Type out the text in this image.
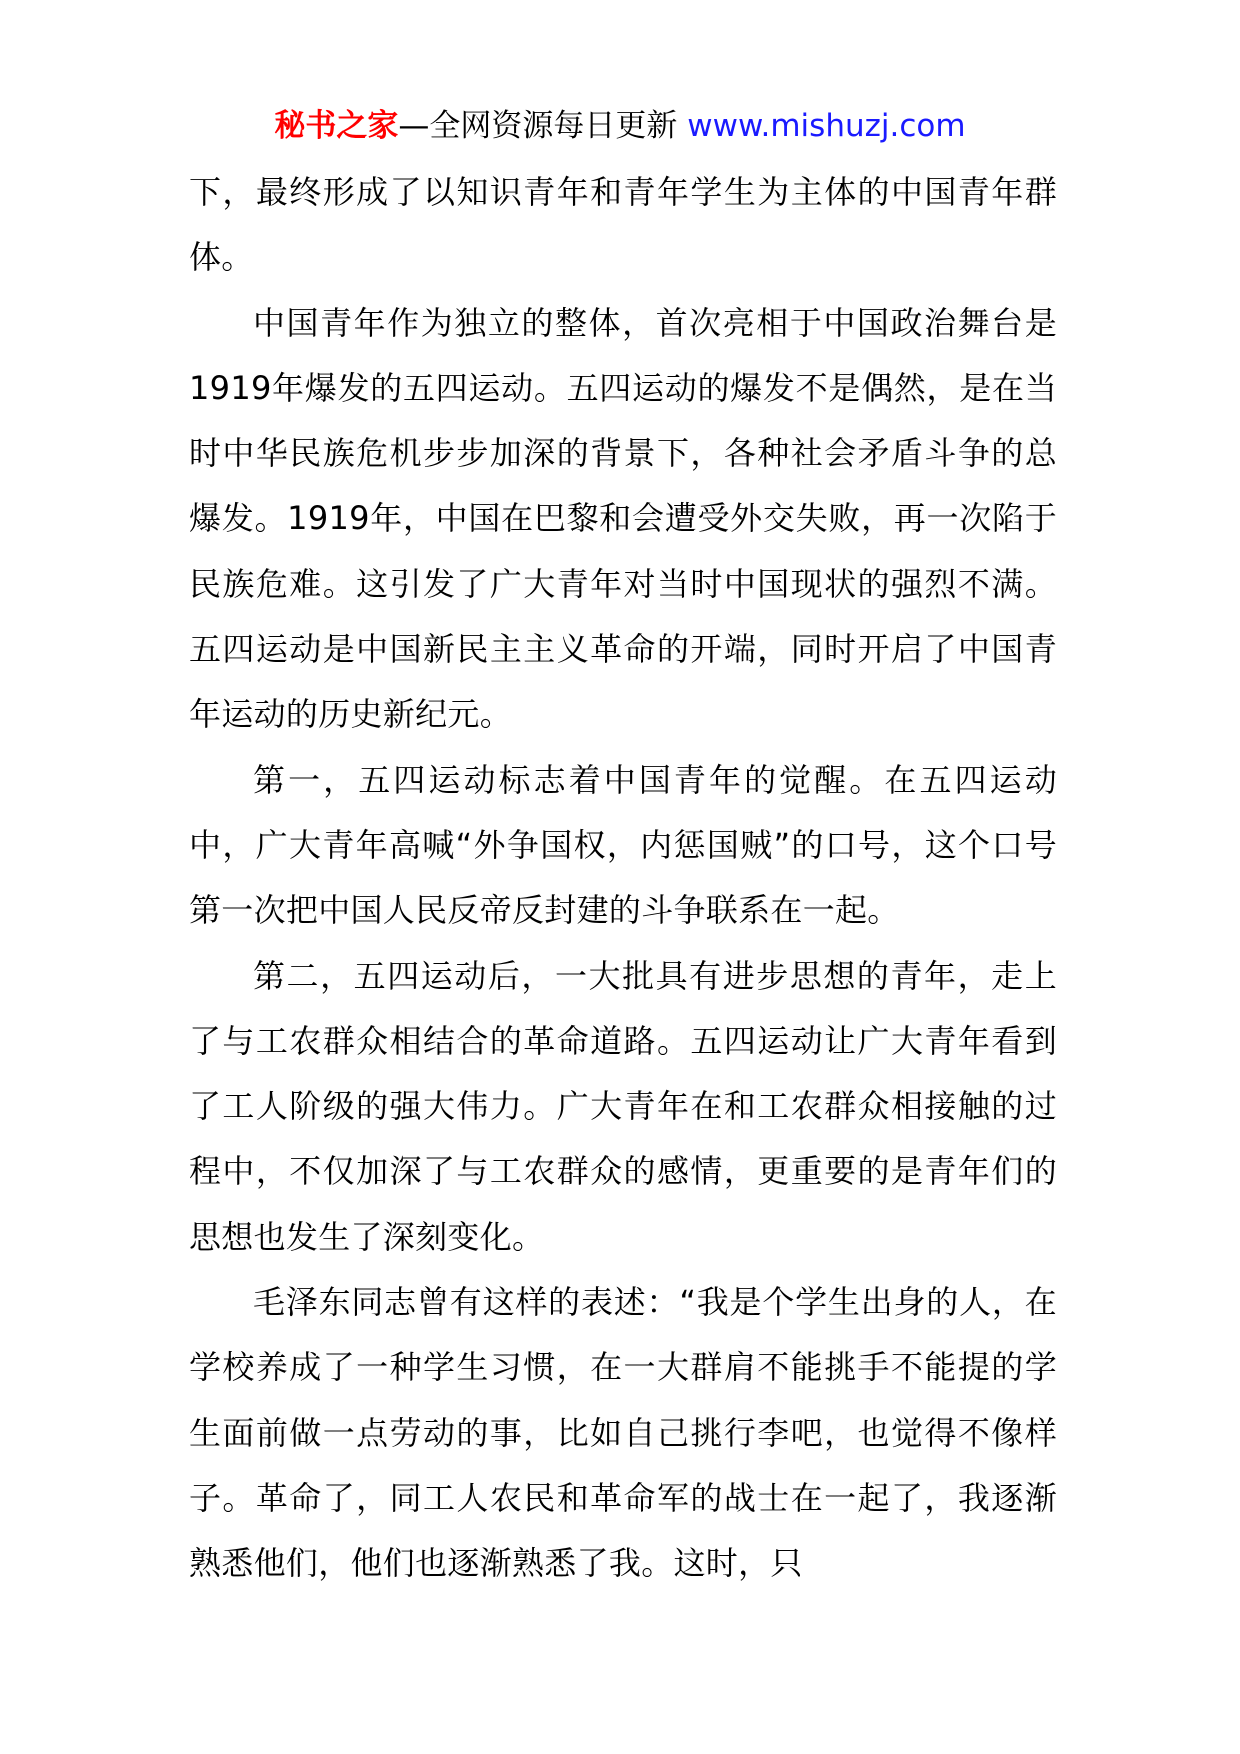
秘书之家—全网资源每日更新 www.mishuzj.com

下，最终形成了以知识青年和青年学生为主体的中国青年群体。

中国青年作为独立的整体，首次亮相于中国政治舞台是1919年爆发的五四运动。五四运动的爆发不是偶然，是在当时中华民族危机步步加深的背景下，各种社会矛盾斗争的总爆发。1919年，中国在巴黎和会遭受外交失败，再一次陷于民族危难。这引发了广大青年对当时中国现状的强烈不满。五四运动是中国新民主主义革命的开端，同时开启了中国青年运动的历史新纪元。

第一，五四运动标志着中国青年的觉醒。在五四运动中，广大青年高喊“外争国权，内惩国贼”的口号，这个口号第一次把中国人民反帝反封建的斗争联系在一起。

第二，五四运动后，一大批具有进步思想的青年，走上了与工农群众相结合的革命道路。五四运动让广大青年看到了工人阶级的强大伟力。广大青年在和工农群众相接触的过程中，不仅加深了与工农群众的感情，更重要的是青年们的思想也发生了深刻变化。

毛泽东同志曾有这样的表述：“我是个学生出身的人，在学校养成了一种学生习惯，在一大群肩不能挑手不能提的学生面前做一点劳动的事，比如自己挑行李吧，也觉得不像样子。革命了，同工人农民和革命军的战士在一起了，我逐渐熟悉他们，他们也逐渐熟悉了我。这时，只
